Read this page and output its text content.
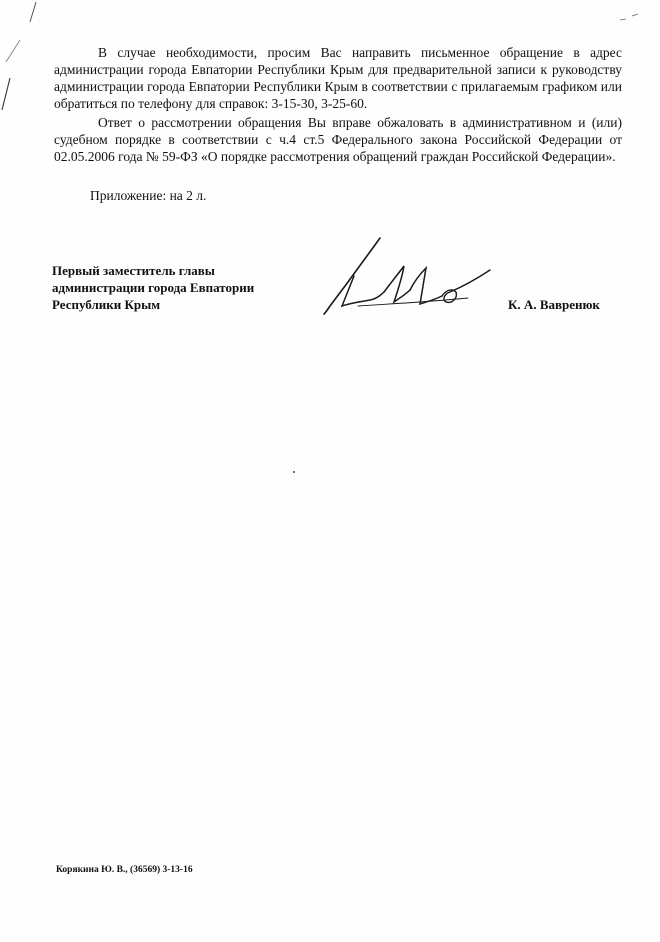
В случае необходимости, просим Вас направить письменное обращение в адрес администрации города Евпатории Республики Крым для предварительной записи к руководству администрации города Евпатории Республики Крым в соответствии с прилагаемым графиком или обратиться по телефону для справок: 3-15-30, 3-25-60.

Ответ о рассмотрении обращения Вы вправе обжаловать в административном и (или) судебном порядке в соответствии с ч.4 ст.5 Федерального закона Российской Федерации от 02.05.2006 года № 59-ФЗ «О порядке рассмотрения обращений граждан Российской Федерации».

Приложение: на 2 л.
Первый заместитель главы
администрации города Евпатории
Республики Крым	К. А. Вавренюк
Корякина Ю. В., (36569) 3-13-16
